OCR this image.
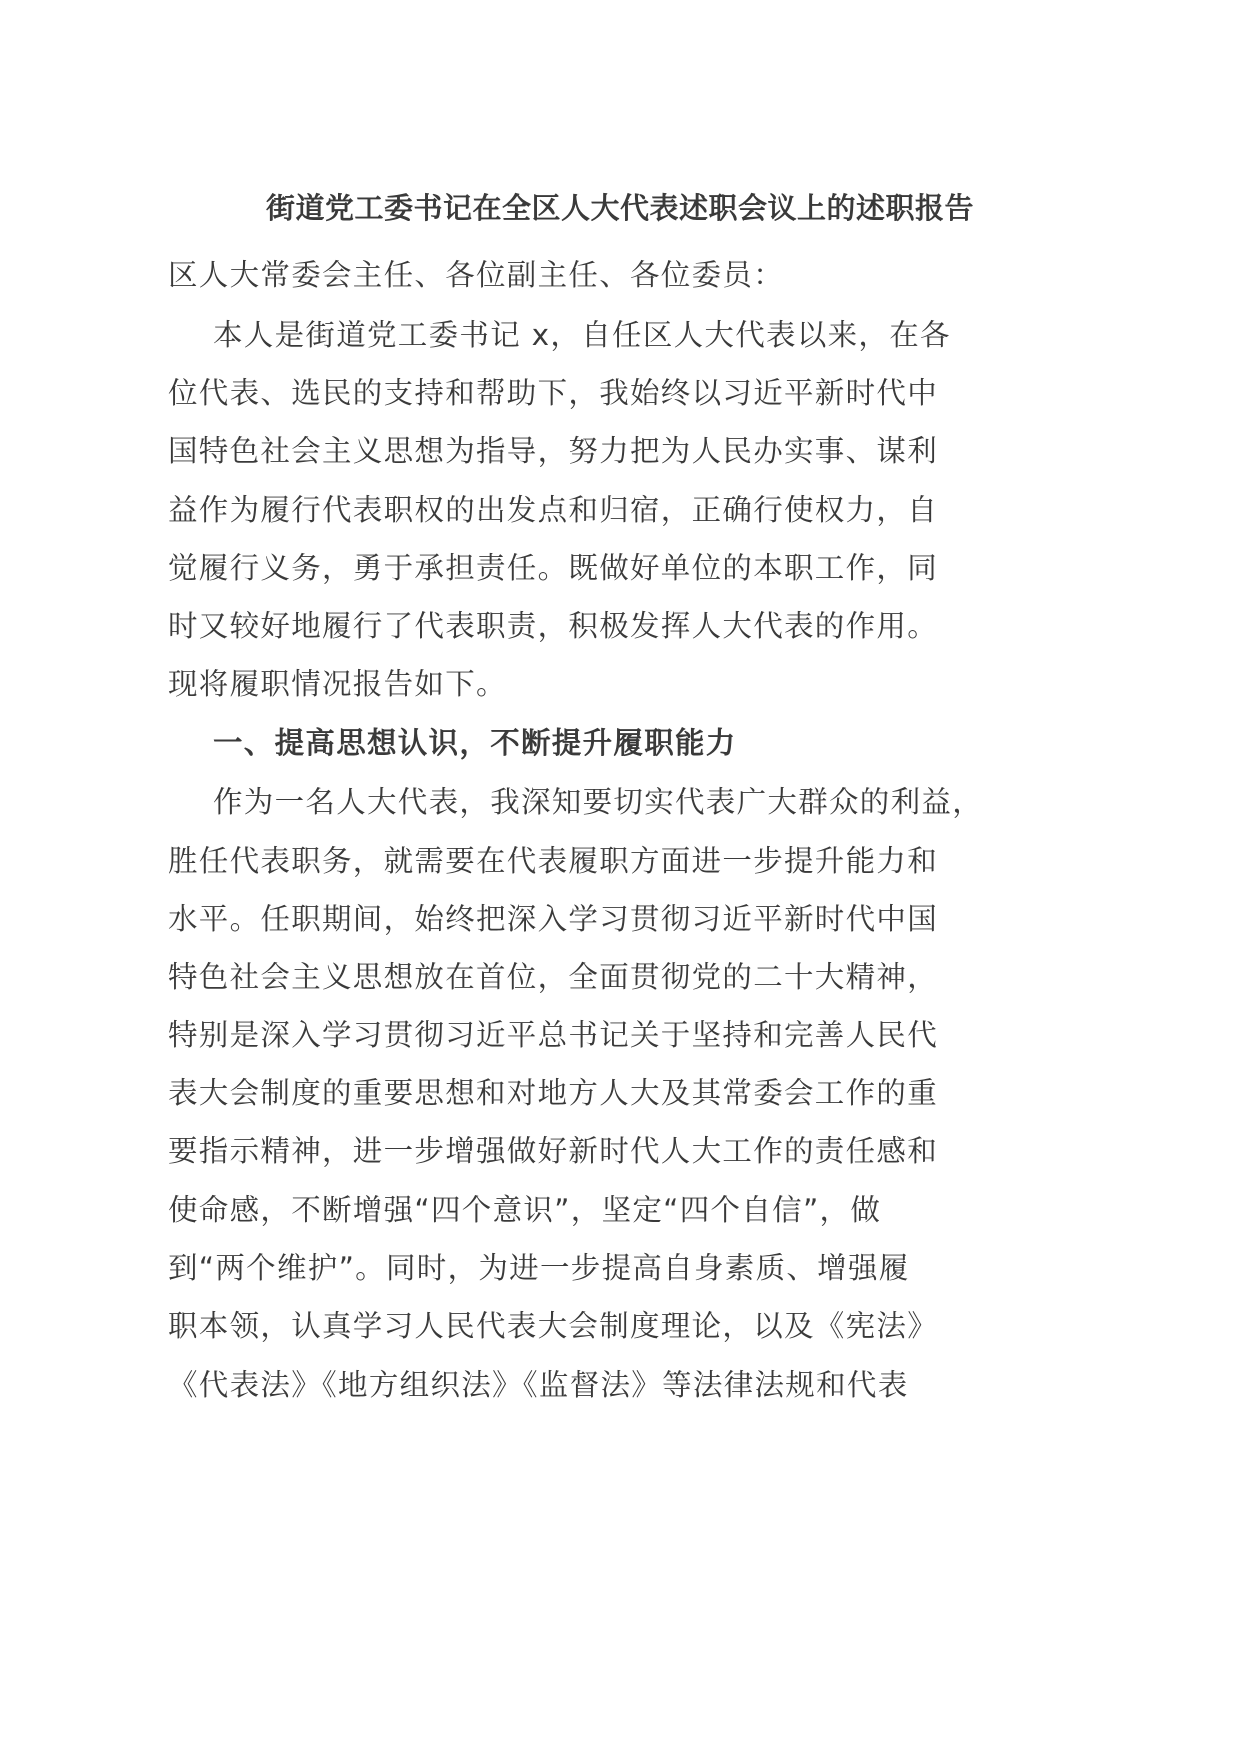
街道党工委书记在全区人大代表述职会议上的述职报告
区人大常委会主任、各位副主任、各位委员：
本人是街道党工委书记 x，自任区人大代表以来，在各
位代表、选民的支持和帮助下，我始终以习近平新时代中
国特色社会主义思想为指导，努力把为人民办实事、谋利
益作为履行代表职权的出发点和归宿，正确行使权力，自
觉履行义务，勇于承担责任。既做好单位的本职工作，同
时又较好地履行了代表职责，积极发挥人大代表的作用。
现将履职情况报告如下。
一、提高思想认识，不断提升履职能力
作为一名人大代表，我深知要切实代表广大群众的利益，
胜任代表职务，就需要在代表履职方面进一步提升能力和
水平。任职期间，始终把深入学习贯彻习近平新时代中国
特色社会主义思想放在首位，全面贯彻党的二十大精神，
特别是深入学习贯彻习近平总书记关于坚持和完善人民代
表大会制度的重要思想和对地方人大及其常委会工作的重
要指示精神，进一步增强做好新时代人大工作的责任感和
使命感，不断增强“四个意识”，坚定“四个自信”，做
到“两个维护”。同时，为进一步提高自身素质、增强履
职本领，认真学习人民代表大会制度理论，以及《宪法》
《代表法》《地方组织法》《监督法》等法律法规和代表
